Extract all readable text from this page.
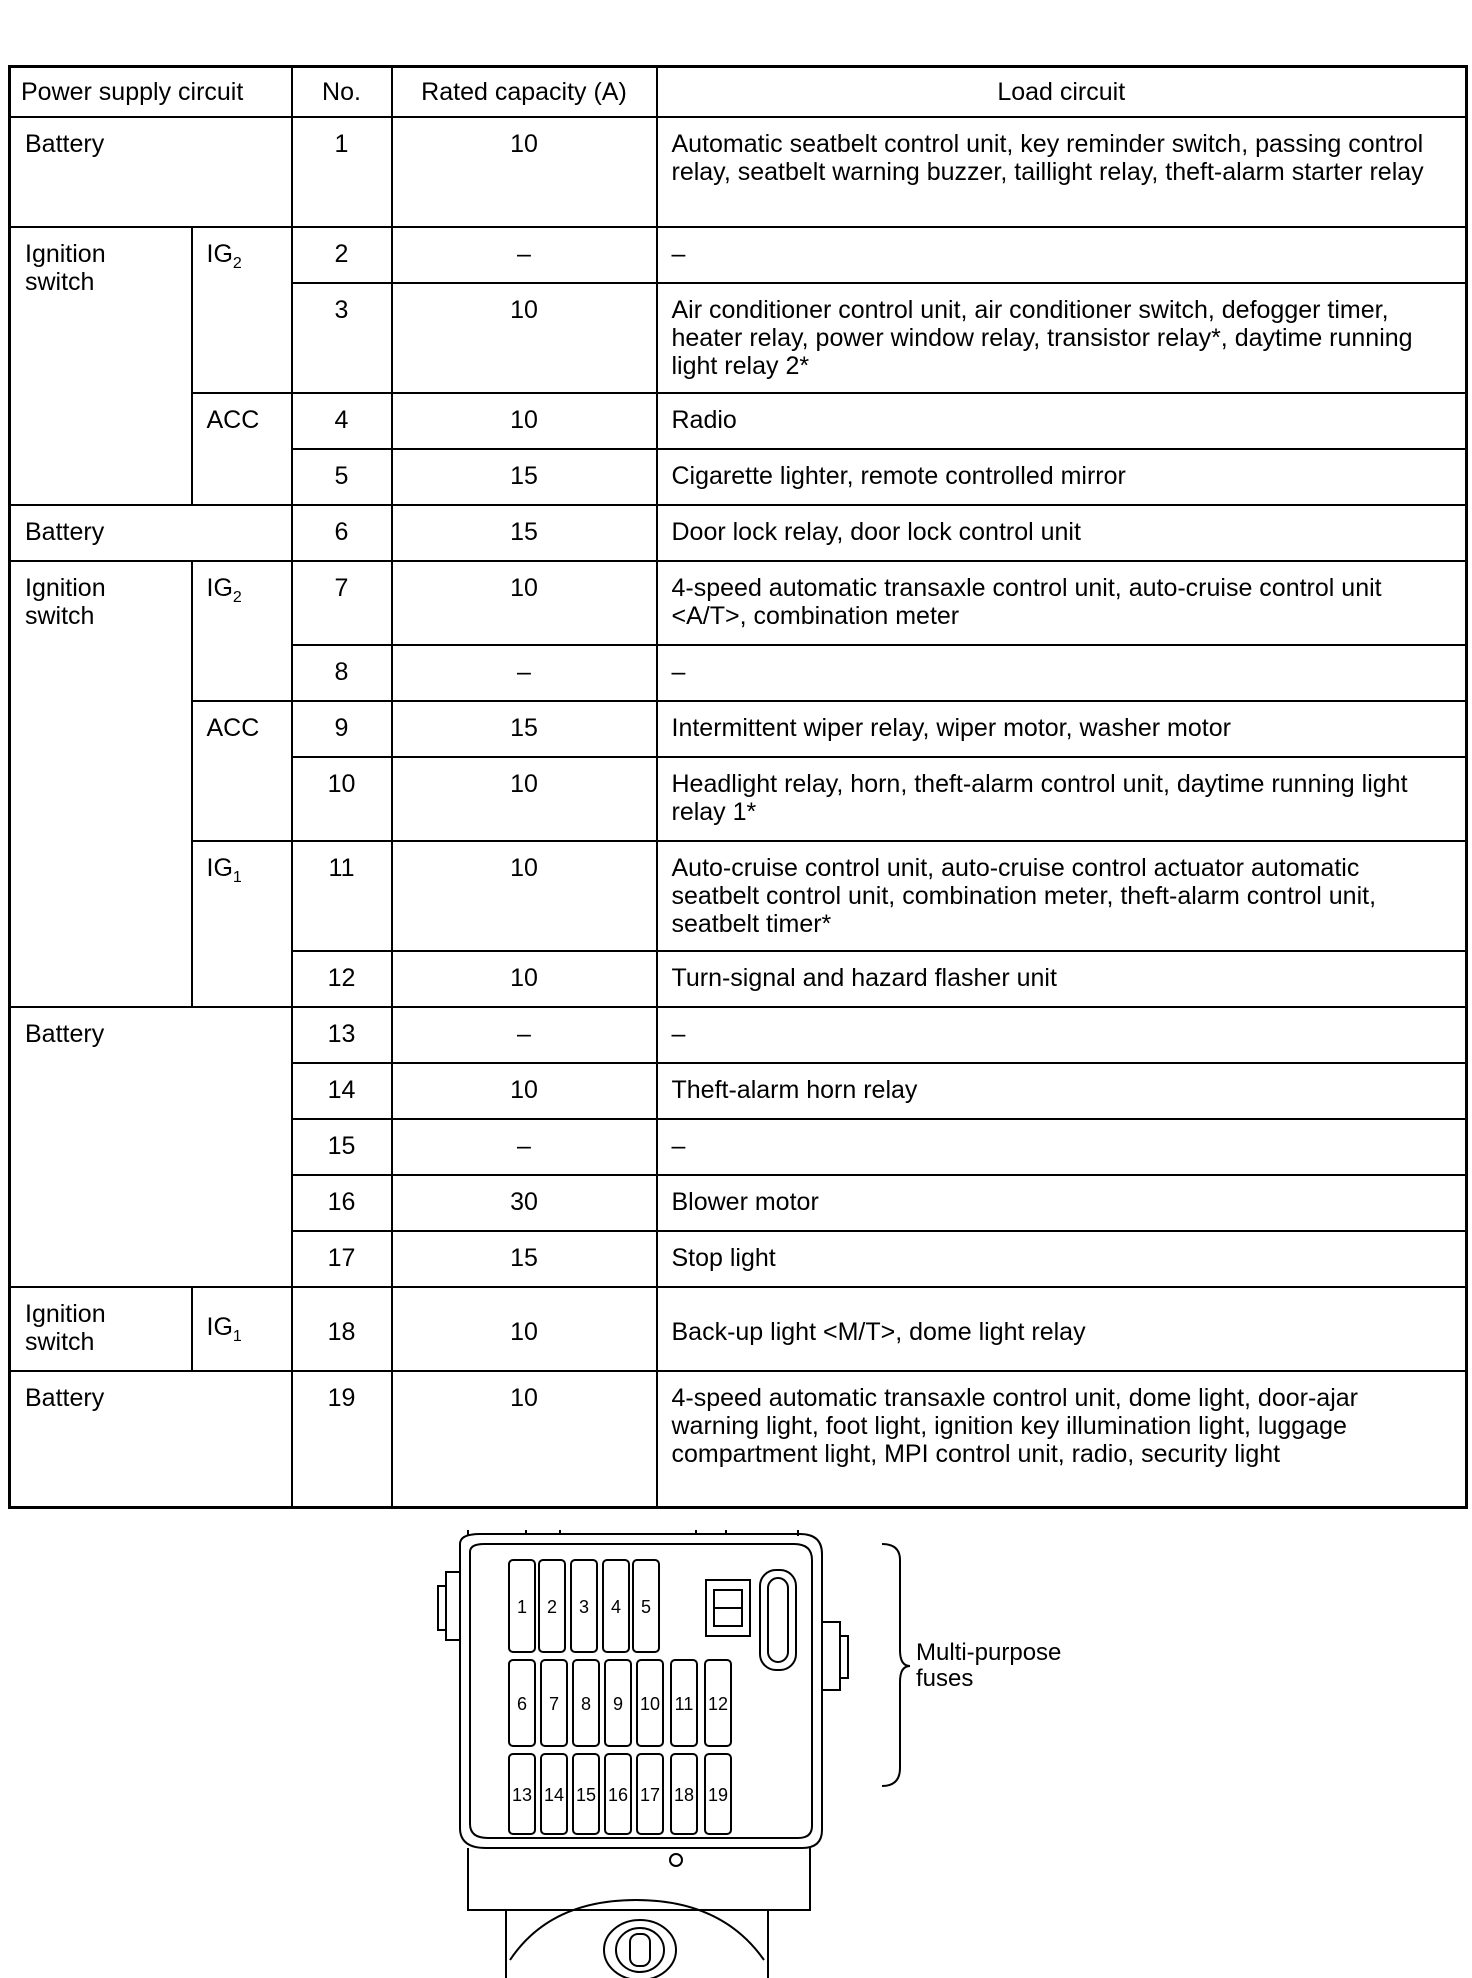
Power supply circuit		No.	Rated capacity (A)	Load circuit
Battery		1	10	Automatic seatbelt control unit, key reminder switch, passing control relay, seatbelt warning buzzer, taillight relay, theft-alarm starter relay
Ignition switch	$IG_2$	2	–	–
		3	10	Air conditioner control unit, air conditioner switch, defogger timer, heater relay, power window relay, transistor relay*, daytime running light relay 2*
	ACC	4	10	Radio
		5	15	Cigarette lighter, remote controlled mirror
Battery		6	15	Door lock relay, door lock control unit
Ignition switch	$IG_2$	7	10	4-speed automatic transaxle control unit, auto-cruise control unit <A/T>, combination meter
		8	–	–
	ACC	9	15	Intermittent wiper relay, wiper motor, washer motor
		10	10	Headlight relay, horn, theft-alarm control unit, daytime running light relay 1*
	$IG_1$	11	10	Auto-cruise control unit, auto-cruise control actuator automatic seatbelt control unit, combination meter, theft-alarm control unit, seatbelt timer*
		12	10	Turn-signal and hazard flasher unit
Battery		13	–	–
		14	10	Theft-alarm horn relay
		15	–	–
		16	30	Blower motor
		17	15	Stop light
Ignition switch	$IG_1$	18	10	Back-up light <M/T>, dome light relay
Battery		19	10	4-speed automatic transaxle control unit, dome light, door-ajar warning light, foot light, ignition key illumination light, luggage compartment light, MPI control unit, radio, security light
1 2 3 4 5
6 7 8 9 10 11 12
13 14 15 16 17 18 19
Multi-purpose fuses
